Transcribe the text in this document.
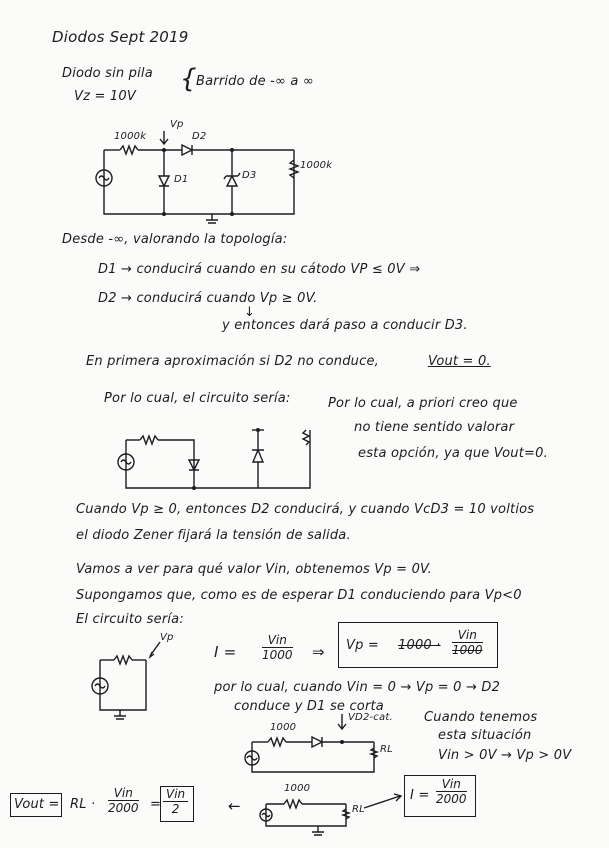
Diodos Sept 2019
Diodo sin pila
Vz = 10V
{ Barrido de -∞ a ∞
1000k
Vp
D2
D1	D3
1000k
Desde -∞, valorando la topología:
D1 → conducirá cuando en su cátodo VP ≤ 0V ⇒
D2 → conducirá cuando Vp ≥ 0V.
↓
y entonces dará paso a conducir D3.
En primera aproximación si D2 no conduce,	Vout = 0.
Por lo cual, el circuito sería:	Por lo cual, a priori creo que
no tiene sentido valorar
esta opción, ya que Vout=0.
Cuando Vp ≥ 0, entonces D2 conducirá, y cuando VcD3 = 10 voltios
el diodo Zener fijará la tensión de salida.
Vamos a ver para qué valor Vin, obtenemos Vp = 0V.
Supongamos que, como es de esperar D1 conduciendo para Vp<0
El circuito sería:
Vp
I =
Vin
1000 ⇒ Vp = 1000 ·
Vin
1000
por lo cual, cuando Vin = 0 → Vp = 0 → D2
conduce y D1 se corta
1000
VD2-cat.
RL
Cuando tenemos
esta situación
Vin > 0V → Vp > 0V
1000
RL
Vout = RL ·
Vin
2000 =
Vin
2	←
I =
Vin
2000
